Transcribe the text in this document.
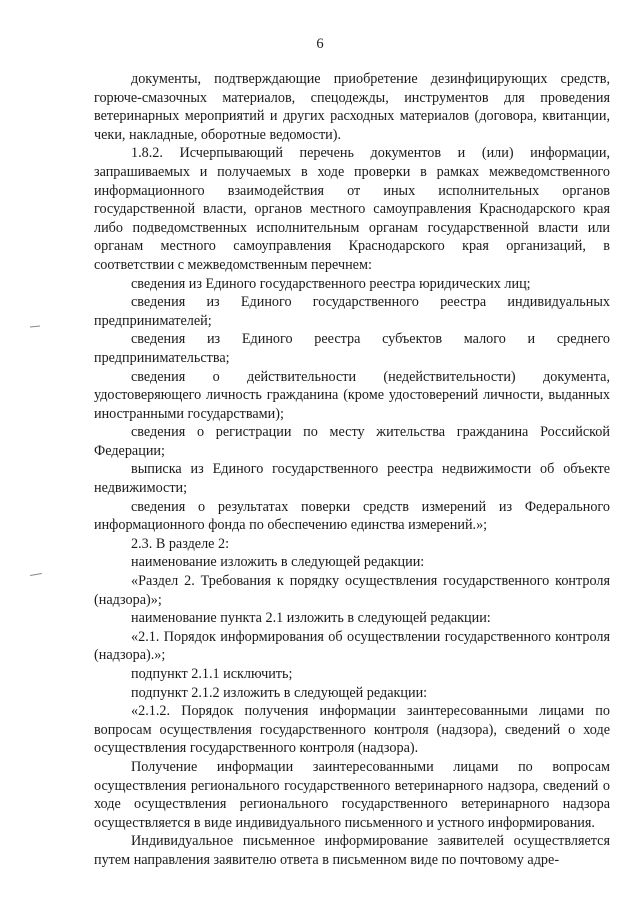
6

документы, подтверждающие приобретение дезинфицирующих средств, горюче-смазочных материалов, спецодежды, инструментов для проведения ветеринарных мероприятий и других расходных материалов (договора, квитанции, чеки, накладные, оборотные ведомости).

1.8.2. Исчерпывающий перечень документов и (или) информации, запрашиваемых и получаемых в ходе проверки в рамках межведомственного информационного взаимодействия от иных исполнительных органов государственной власти, органов местного самоуправления Краснодарского края либо подведомственных исполнительным органам государственной власти или органам местного самоуправления Краснодарского края организаций, в соответствии с межведомственным перечнем:

сведения из Единого государственного реестра юридических лиц;

сведения из Единого государственного реестра индивидуальных предпринимателей;

сведения из Единого реестра субъектов малого и среднего предпринимательства;

сведения о действительности (недействительности) документа, удостоверяющего личность гражданина (кроме удостоверений личности, выданных иностранными государствами);

сведения о регистрации по месту жительства гражданина Российской Федерации;

выписка из Единого государственного реестра недвижимости об объекте недвижимости;

сведения о результатах поверки средств измерений из Федерального информационного фонда по обеспечению единства измерений.»;

2.3. В разделе 2:

наименование изложить в следующей редакции:

«Раздел 2. Требования к порядку осуществления государственного контроля (надзора)»;

наименование пункта 2.1 изложить в следующей редакции:

«2.1. Порядок информирования об осуществлении государственного контроля (надзора).»;

подпункт 2.1.1 исключить;

подпункт 2.1.2 изложить в следующей редакции:

«2.1.2. Порядок получения информации заинтересованными лицами по вопросам осуществления государственного контроля (надзора), сведений о ходе осуществления государственного контроля (надзора).

Получение информации заинтересованными лицами по вопросам осуществления регионального государственного ветеринарного надзора, сведений о ходе осуществления регионального государственного ветеринарного надзора осуществляется в виде индивидуального письменного и устного информирования.

Индивидуальное письменное информирование заявителей осуществляется путем направления заявителю ответа в письменном виде по почтовому адре-
